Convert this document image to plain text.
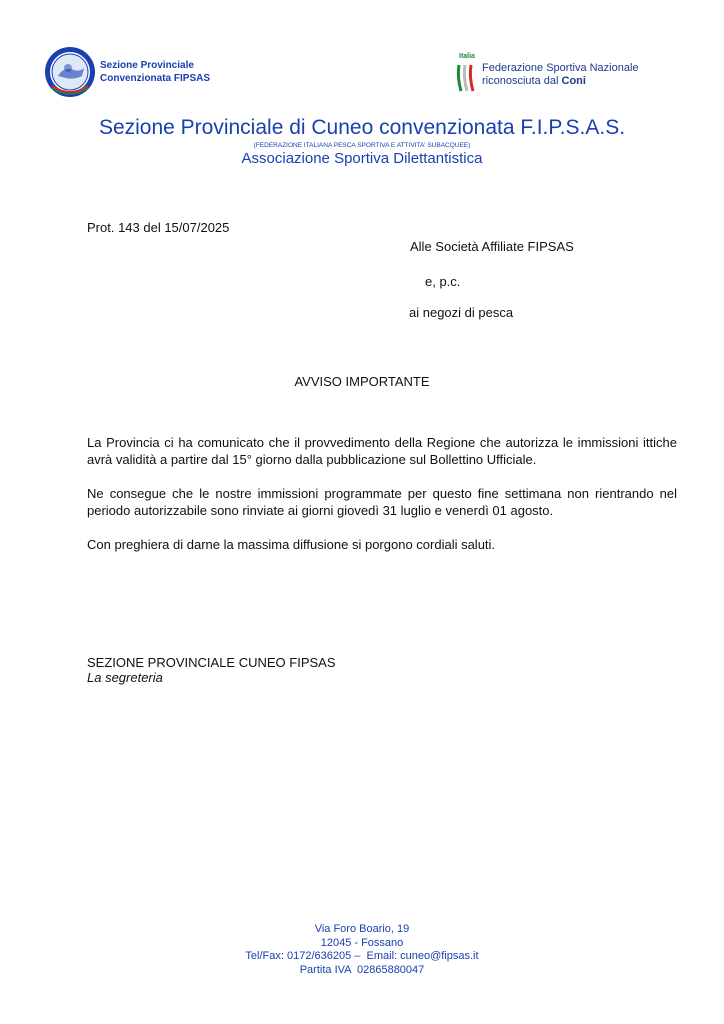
Sezione Provinciale
Convenzionata FIPSAS
Italia
Federazione Sportiva Nazionale
riconosciuta dal Coni
Sezione Provinciale di Cuneo convenzionata F.I.P.S.A.S.
(FEDERAZIONE ITALIANA PESCA SPORTIVA E ATTIVITA' SUBACQUEE)
Associazione Sportiva Dilettantistica
Prot. 143 del 15/07/2025
Alle Società Affiliate FIPSAS
e, p.c.
ai negozi di pesca
AVVISO IMPORTANTE

La Provincia ci ha comunicato che il provvedimento della Regione che autorizza le immissioni ittiche avrà validità a partire dal 15° giorno dalla pubblicazione sul Bollettino Ufficiale.

Ne consegue che le nostre immissioni programmate per questo fine settimana non rientrando nel periodo autorizzabile sono rinviate ai giorni giovedì 31 luglio e venerdì 01 agosto.

Con preghiera di darne la massima diffusione si porgono cordiali saluti.

SEZIONE PROVINCIALE CUNEO FIPSAS
La segreteria
Via Foro Boario, 19
12045 - Fossano
Tel/Fax: 0172/636205 –  Email: cuneo@fipsas.it
Partita IVA  02865880047
